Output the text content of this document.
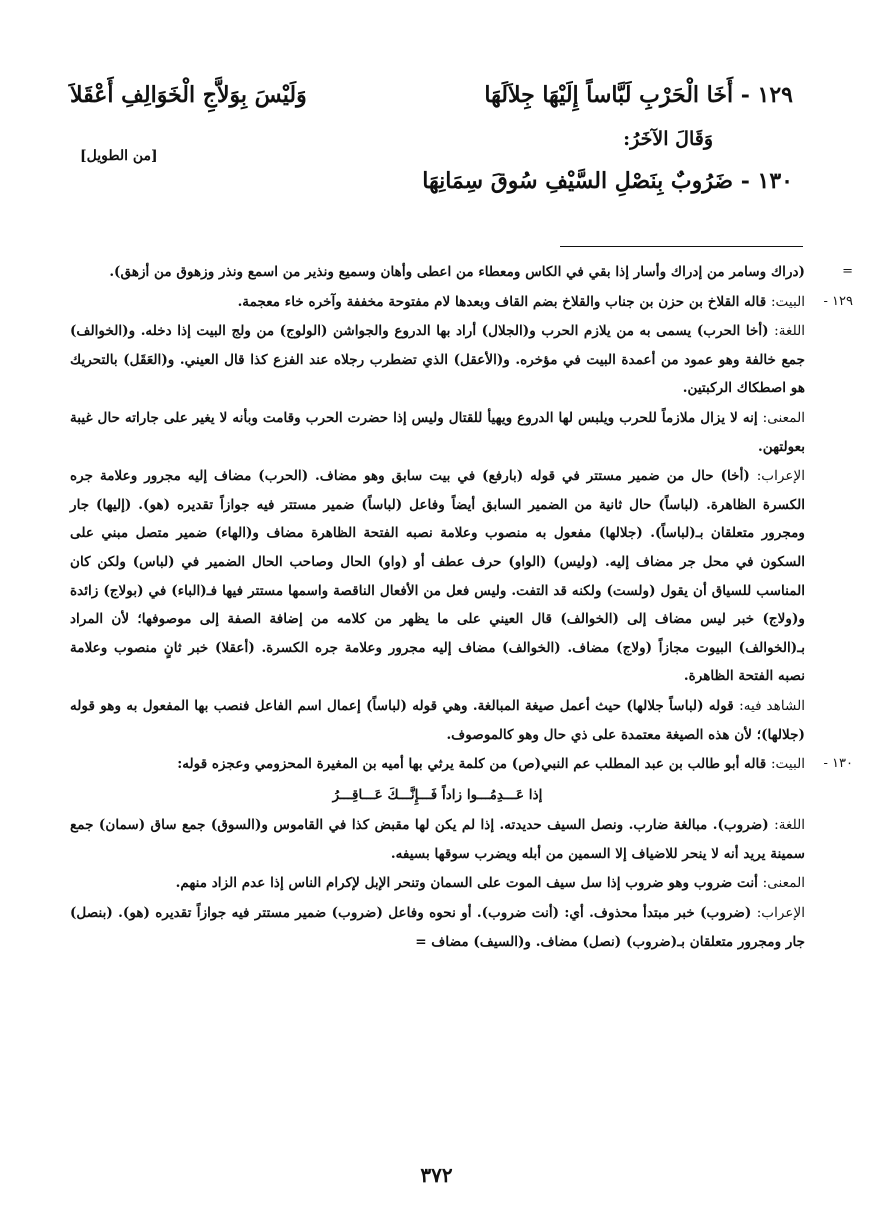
١٢٩ - أَخَا الْحَرْبِ لَبَّاساً إِلَيْهَا جِلاَلَهَا
وَلَيْسَ بِوَلاَّجِ الْخَوَالِفِ أَعْقَلاَ
وَقَالَ الآخَرُ:
[من الطويل]
١٣٠ - ضَرُوبٌ بِنَصْلِ السَّيْفِ سُوقَ سِمَانِهَا

=
(دراك وسامر من إدراك وأسار إذا بقي في الكاس ومعطاء من اعطى وأهان وسميع ونذير من اسمع ونذر وزهوق من أزهق).

١٢٩ -
البيت: قاله القلاخ بن حزن بن جناب والقلاخ بضم القاف وبعدها لام مفتوحة مخففة وآخره خاء معجمة.

اللغة: (أخا الحرب) يسمى به من يلازم الحرب و(الجلال) أراد بها الدروع والجواشن (الولوج) من ولج البيت إذا دخله. و(الخوالف) جمع خالفة وهو عمود من أعمدة البيت في مؤخره. و(الأعقل) الذي تضطرب رجلاه عند الفزع كذا قال العيني. و(العَقَل) بالتحريك هو اصطكاك الركبتين.

المعنى: إنه لا يزال ملازماً للحرب ويلبس لها الدروع ويهيأ للقتال وليس إذا حضرت الحرب وقامت وبأنه لا يغير على جاراته حال غيبة بعولتهن.

الإعراب: (أخا) حال من ضمير مستتر في قوله (بارفع) في بيت سابق وهو مضاف. (الحرب) مضاف إليه مجرور وعلامة جره الكسرة الظاهرة. (لباساً) حال ثانية من الضمير السابق أيضاً وفاعل (لباساً) ضمير مستتر فيه جوازاً تقديره (هو). (إليها) جار ومجرور متعلقان بـ(لباساً). (جلالها) مفعول به منصوب وعلامة نصبه الفتحة الظاهرة مضاف و(الهاء) ضمير متصل مبني على السكون في محل جر مضاف إليه. (وليس) (الواو) حرف عطف أو (واو) الحال وصاحب الحال الضمير في (لباس) ولكن كان المناسب للسياق أن يقول (ولست) ولكنه قد التفت. وليس فعل من الأفعال الناقصة واسمها مستتر فيها فـ(الباء) في (بولاج) زائدة و(ولاج) خبر ليس مضاف إلى (الخوالف) قال العيني على ما يظهر من كلامه من إضافة الصفة إلى موصوفها؛ لأن المراد بـ(الخوالف) البيوت مجازاً (ولاج) مضاف. (الخوالف) مضاف إليه مجرور وعلامة جره الكسرة. (أعقلا) خبر ثانٍ منصوب وعلامة نصبه الفتحة الظاهرة.

الشاهد فيه: قوله (لباساً جلالها) حيث أعمل صيغة المبالغة. وهي قوله (لباساً) إعمال اسم الفاعل فنصب بها المفعول به وهو قوله (جلالها)؛ لأن هذه الصيغة معتمدة على ذي حال وهو كالموصوف.

١٣٠ -
البيت: قاله أبو طالب بن عبد المطلب عم النبي(ص) من كلمة يرثي بها أميه بن المغيرة المحزومي وعجزه قوله:

إذا عَـــدِمُـــوا زاداً فَـــإِنَّـــكَ عَـــاقِـــرُ

اللغة: (ضروب). مبالغة ضارب. ونصل السيف حديدته. إذا لم يكن لها مقبض كذا في القاموس و(السوق) جمع ساق (سمان) جمع سمينة يريد أنه لا ينحر للاضياف إلا السمين من أبله ويضرب سوقها بسيفه.

المعنى: أنت ضروب وهو ضروب إذا سل سيف الموت على السمان وتنحر الإبل لإكرام الناس إذا عدم الزاد منهم.

الإعراب: (ضروب) خبر مبتدأ محذوف. أي: (أنت ضروب). أو نحوه وفاعل (ضروب) ضمير مستتر فيه جوازاً تقديره (هو). (بنصل) جار ومجرور متعلقان بـ(ضروب) (نصل) مضاف. و(السيف) مضاف =

٣٧٢
